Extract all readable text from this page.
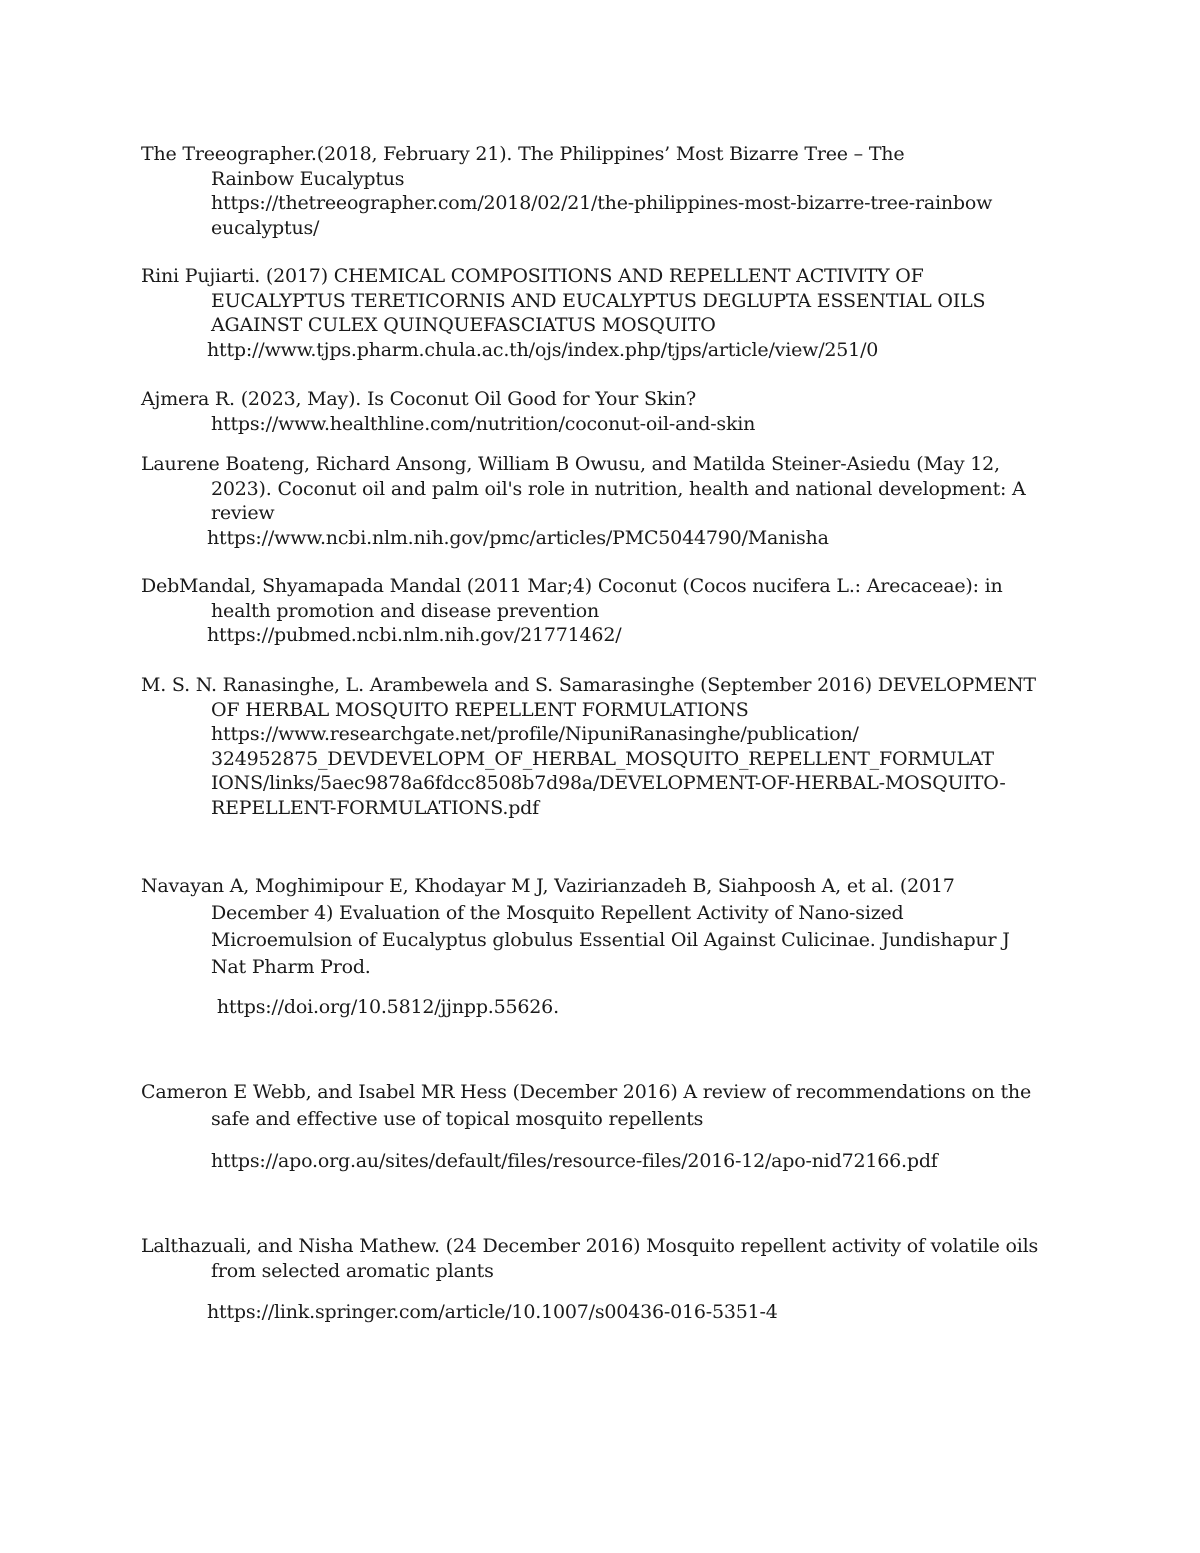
The Treeographer.(2018, February 21). The Philippines’ Most Bizarre Tree – The
Rainbow Eucalyptus
https://thetreeographer.com/2018/02/21/the-philippines-most-bizarre-tree-rainbow
eucalyptus/
Rini Pujiarti. (2017) CHEMICAL COMPOSITIONS AND REPELLENT ACTIVITY OF
EUCALYPTUS TERETICORNIS AND EUCALYPTUS DEGLUPTA ESSENTIAL OILS
AGAINST CULEX QUINQUEFASCIATUS MOSQUITO
http://www.tjps.pharm.chula.ac.th/ojs/index.php/tjps/article/view/251/0
Ajmera R. (2023, May). Is Coconut Oil Good for Your Skin?
https://www.healthline.com/nutrition/coconut-oil-and-skin
Laurene Boateng, Richard Ansong, William B Owusu, and Matilda Steiner-Asiedu (May 12,
2023). Coconut oil and palm oil's role in nutrition, health and national development: A
review
https://www.ncbi.nlm.nih.gov/pmc/articles/PMC5044790/Manisha
DebMandal, Shyamapada Mandal (2011 Mar;4) Coconut (Cocos nucifera L.: Arecaceae): in
health promotion and disease prevention
https://pubmed.ncbi.nlm.nih.gov/21771462/
M. S. N. Ranasinghe, L. Arambewela and S. Samarasinghe (September 2016) DEVELOPMENT
OF HERBAL MOSQUITO REPELLENT FORMULATIONS
https://www.researchgate.net/profile/NipuniRanasinghe/publication/
324952875_DEVDEVELOPM_OF_HERBAL_MOSQUITO_REPELLENT_FORMULAT
IONS/links/5aec9878a6fdcc8508b7d98a/DEVELOPMENT-OF-HERBAL-MOSQUITO-
REPELLENT-FORMULATIONS.pdf
Navayan A, Moghimipour E, Khodayar M J, Vazirianzadeh B, Siahpoosh A, et al. (2017
December 4) Evaluation of the Mosquito Repellent Activity of Nano-sized
Microemulsion of Eucalyptus globulus Essential Oil Against Culicinae. Jundishapur J
Nat Pharm Prod.
https://doi.org/10.5812/jjnpp.55626.
Cameron E Webb, and Isabel MR Hess (December 2016) A review of recommendations on the
safe and effective use of topical mosquito repellents
https://apo.org.au/sites/default/files/resource-files/2016-12/apo-nid72166.pdf
Lalthazuali, and Nisha Mathew. (24 December 2016) Mosquito repellent activity of volatile oils
from selected aromatic plants
https://link.springer.com/article/10.1007/s00436-016-5351-4
